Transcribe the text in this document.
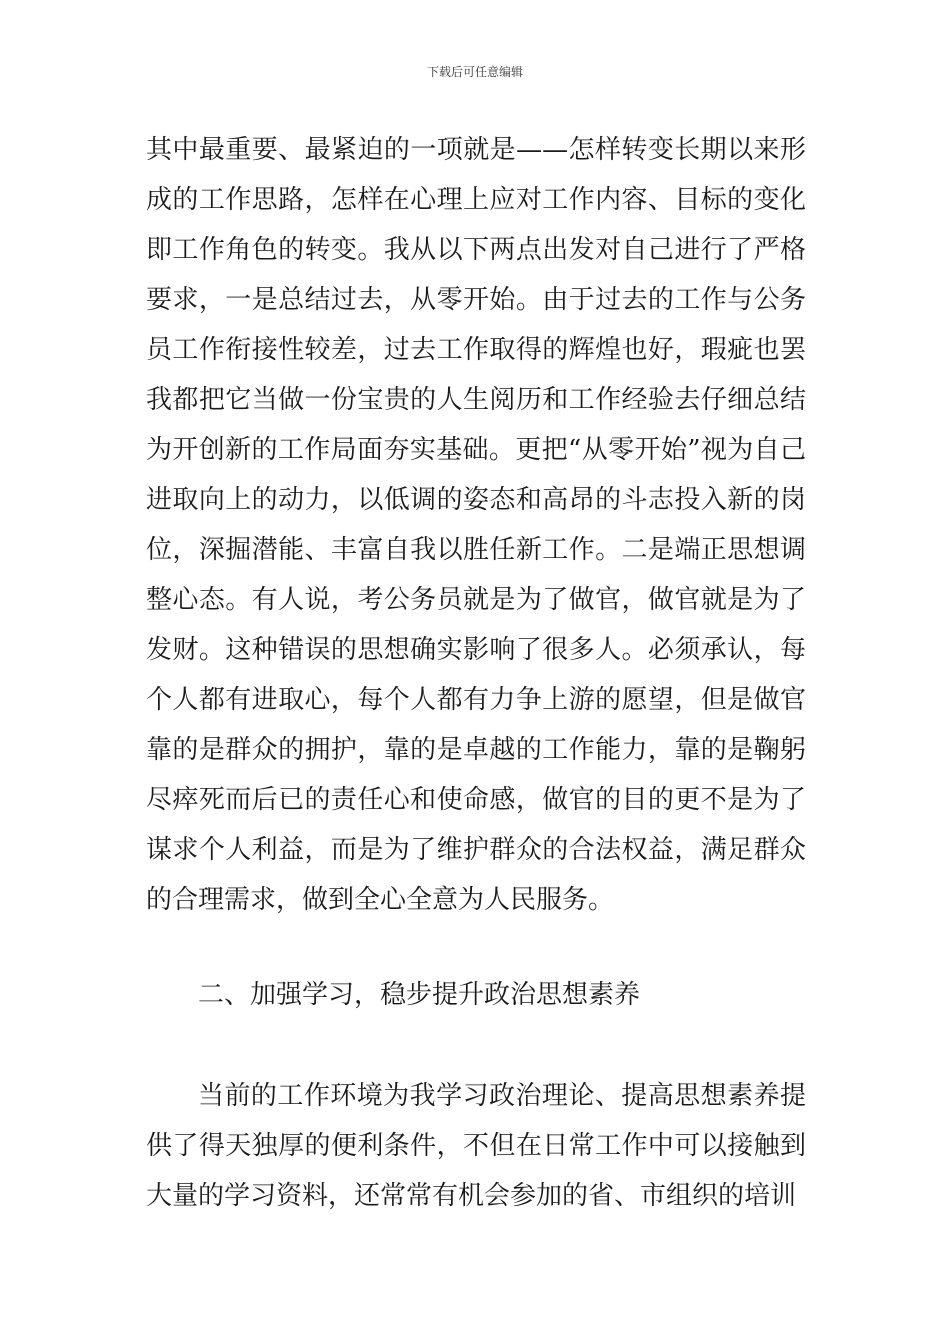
下载后可任意编辑

其中最重要、最紧迫的一项就是——怎样转变长期以来形成的工作思路，怎样在心理上应对工作内容、目标的变化即工作角色的转变。我从以下两点出发对自己进行了严格要求，一是总结过去，从零开始。由于过去的工作与公务员工作衔接性较差，过去工作取得的辉煌也好，瑕疵也罢我都把它当做一份宝贵的人生阅历和工作经验去仔细总结为开创新的工作局面夯实基础。更把“从零开始”视为自己进取向上的动力，以低调的姿态和高昂的斗志投入新的岗位，深掘潜能、丰富自我以胜任新工作。二是端正思想调整心态。有人说，考公务员就是为了做官，做官就是为了发财。这种错误的思想确实影响了很多人。必须承认，每个人都有进取心，每个人都有力争上游的愿望，但是做官靠的是群众的拥护，靠的是卓越的工作能力，靠的是鞠躬尽瘁死而后已的责任心和使命感，做官的目的更不是为了谋求个人利益，而是为了维护群众的合法权益，满足群众的合理需求，做到全心全意为人民服务。

二、加强学习，稳步提升政治思想素养

当前的工作环境为我学习政治理论、提高思想素养提供了得天独厚的便利条件，不但在日常工作中可以接触到大量的学习资料，还常常有机会参加的省、市组织的培训
